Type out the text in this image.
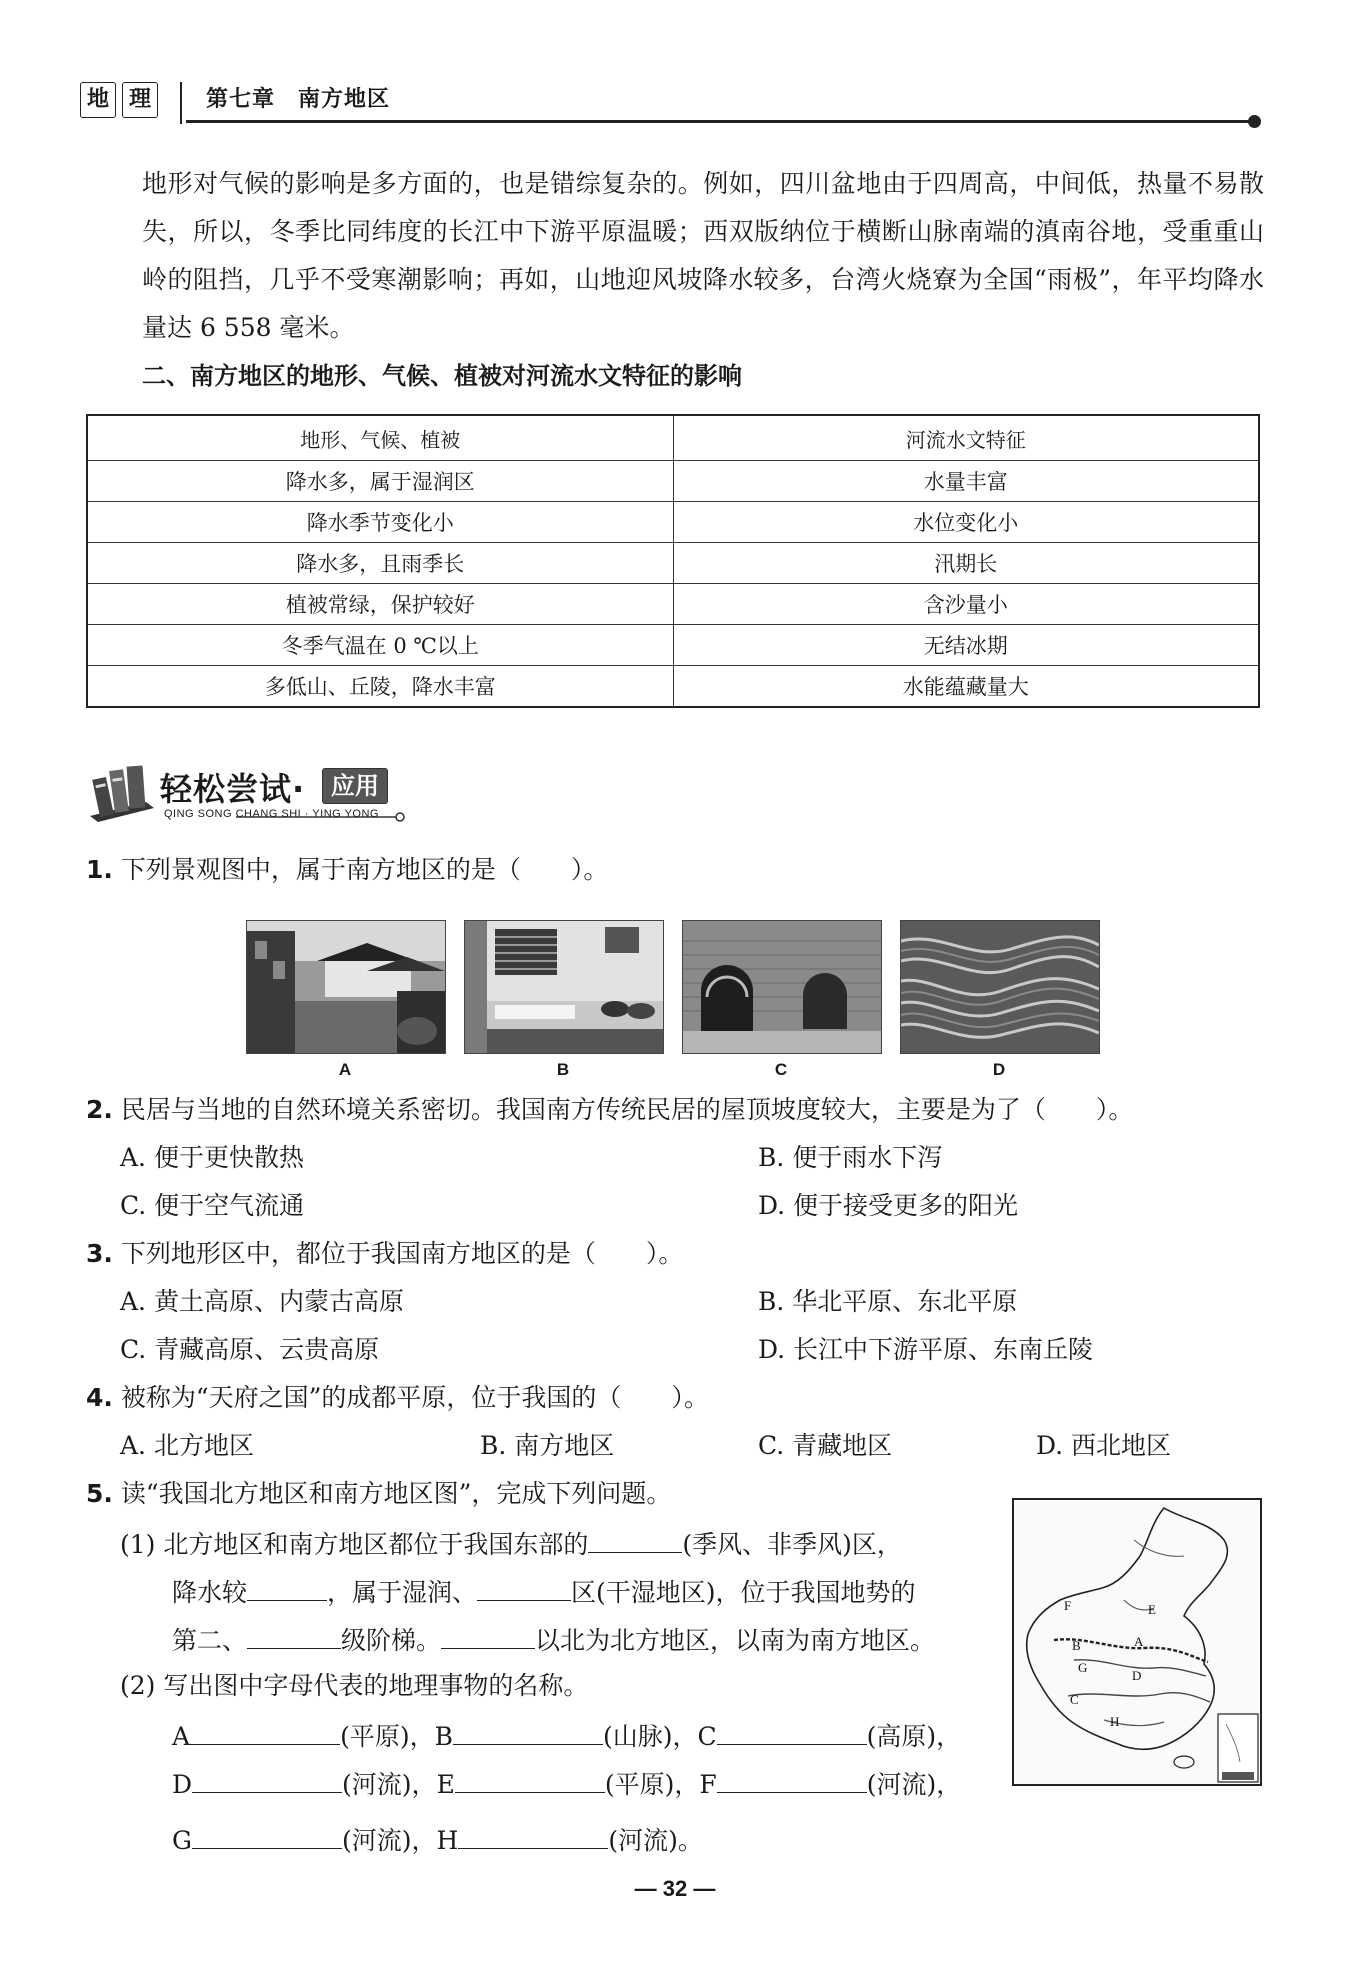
地 理	第七章　南方地区
地形对气候的影响是多方面的，也是错综复杂的。例如，四川盆地由于四周高，中间低，热量不易散失，所以，冬季比同纬度的长江中下游平原温暖；西双版纳位于横断山脉南端的滇南谷地，受重重山岭的阻挡，几乎不受寒潮影响；再如，山地迎风坡降水较多，台湾火烧寮为全国“雨极”，年平均降水量达 6 558 毫米。
二、南方地区的地形、气候、植被对河流水文特征的影响
地形、气候、植被	河流水文特征
降水多，属于湿润区	水量丰富
降水季节变化小	水位变化小
降水多，且雨季长	汛期长
植被常绿，保护较好	含沙量小
冬季气温在 0 ℃以上	无结冰期
多低山、丘陵，降水丰富	水能蕴藏量大
轻松尝试·	应用
QING SONG CHANG SHI · YING YONG
1. 下列景观图中，属于南方地区的是（　　）。
A	B	C	D
2. 民居与当地的自然环境关系密切。我国南方传统民居的屋顶坡度较大，主要是为了（　　）。
A. 便于更快散热	B. 便于雨水下泻
C. 便于空气流通	D. 便于接受更多的阳光
3. 下列地形区中，都位于我国南方地区的是（　　）。
A. 黄土高原、内蒙古高原	B. 华北平原、东北平原
C. 青藏高原、云贵高原	D. 长江中下游平原、东南丘陵
4. 被称为“天府之国”的成都平原，位于我国的（　　）。
A. 北方地区	B. 南方地区	C. 青藏地区	D. 西北地区
5. 读“我国北方地区和南方地区图”，完成下列问题。
(1) 北方地区和南方地区都位于我国东部的	(季风、非季风)区，
降水较	，属于湿润、	区(干湿地区)，位于我国地势的
第二、	级阶梯。	以北为北方地区，以南为南方地区。
(2) 写出图中字母代表的地理事物的名称。
A	(平原)，B	(山脉)，C	(高原)，
D	(河流)，E	(平原)，F	(河流)，
G	(河流)，H	(河流)。
A
B
C
D
E
F
G
H
— 32 —
